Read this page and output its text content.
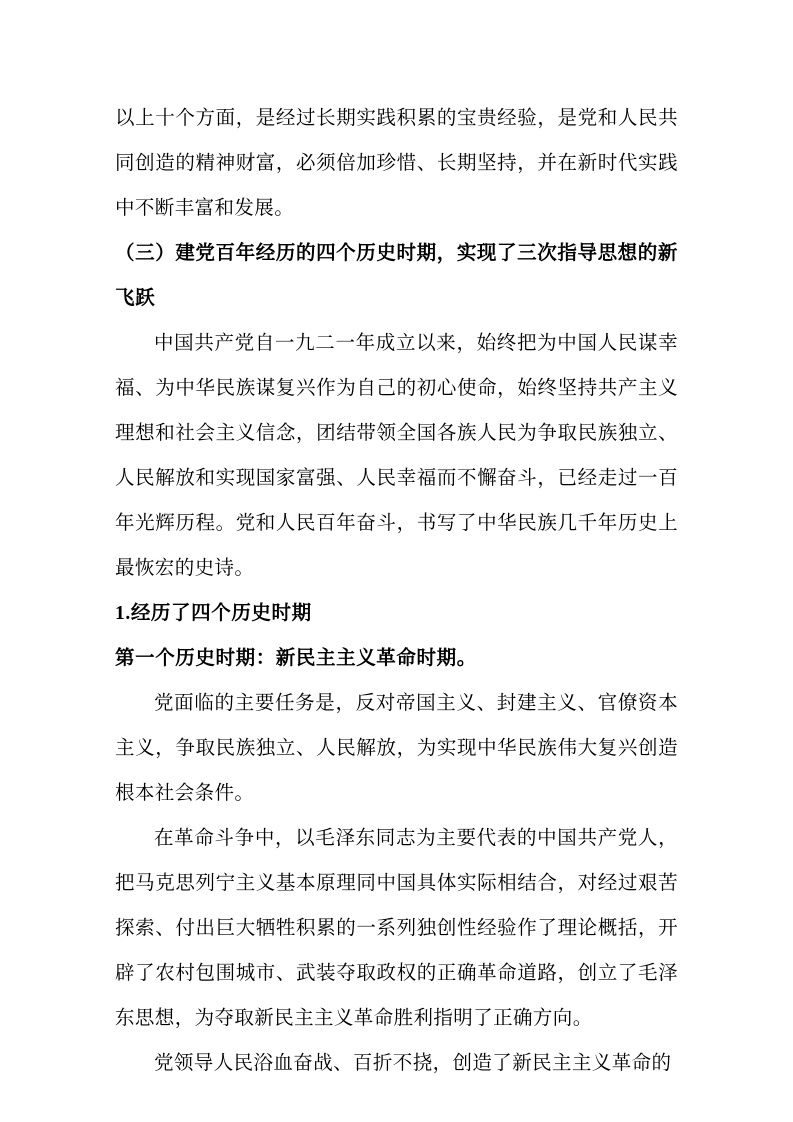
以上十个方面，是经过长期实践积累的宝贵经验，是党和人民共同创造的精神财富，必须倍加珍惜、长期坚持，并在新时代实践中不断丰富和发展。

（三）建党百年经历的四个历史时期，实现了三次指导思想的新飞跃

中国共产党自一九二一年成立以来，始终把为中国人民谋幸福、为中华民族谋复兴作为自己的初心使命，始终坚持共产主义理想和社会主义信念，团结带领全国各族人民为争取民族独立、人民解放和实现国家富强、人民幸福而不懈奋斗，已经走过一百年光辉历程。党和人民百年奋斗，书写了中华民族几千年历史上最恢宏的史诗。

1.经历了四个历史时期

第一个历史时期：新民主主义革命时期。

党面临的主要任务是，反对帝国主义、封建主义、官僚资本主义，争取民族独立、人民解放，为实现中华民族伟大复兴创造根本社会条件。

在革命斗争中，以毛泽东同志为主要代表的中国共产党人，把马克思列宁主义基本原理同中国具体实际相结合，对经过艰苦探索、付出巨大牺牲积累的一系列独创性经验作了理论概括，开辟了农村包围城市、武装夺取政权的正确革命道路，创立了毛泽东思想，为夺取新民主主义革命胜利指明了正确方向。

党领导人民浴血奋战、百折不挠，创造了新民主主义革命的
